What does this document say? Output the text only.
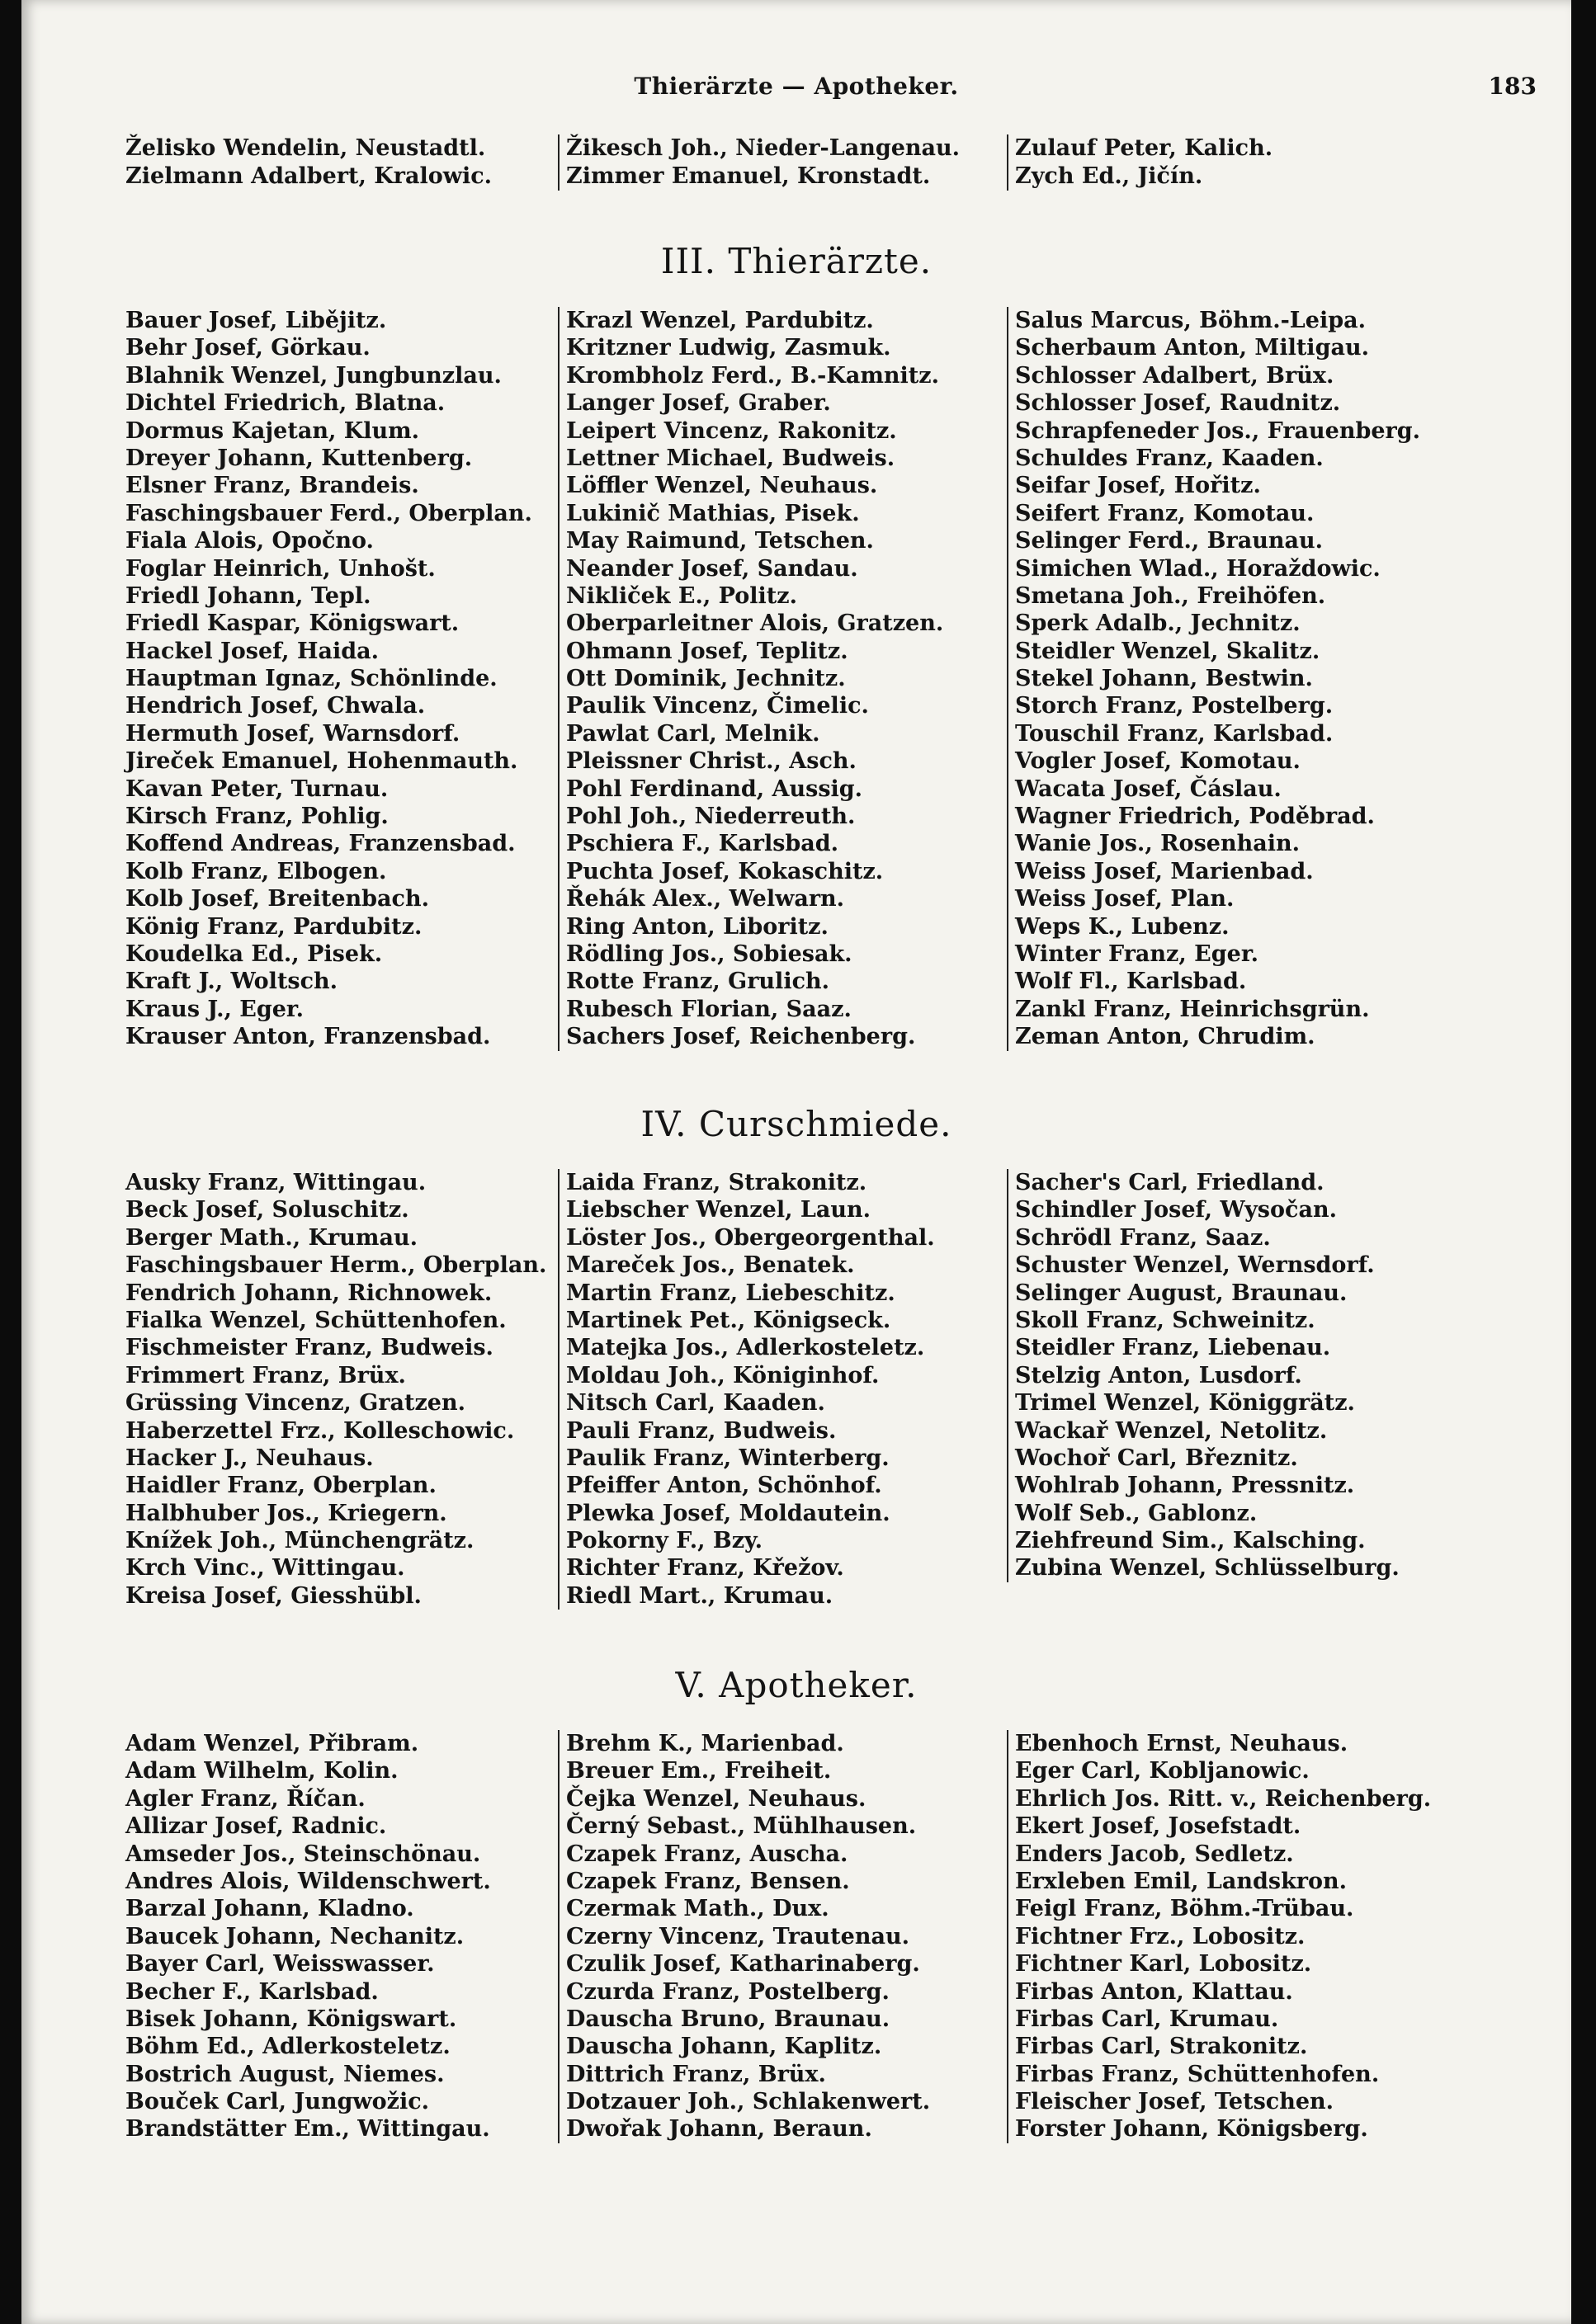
Thierärzte — Apotheker.	183
Želisko Wendelin, Neustadtl.
Zielmann Adalbert, Kralowic.
Žikesch Joh., Nieder-Langenau.
Zimmer Emanuel, Kronstadt.
Zulauf Peter, Kalich.
Zych Ed., Jičín.
III. Thierärzte.
Bauer Josef, Libějitz.
Behr Josef, Görkau.
Blahnik Wenzel, Jungbunzlau.
Dichtel Friedrich, Blatna.
Dormus Kajetan, Klum.
Dreyer Johann, Kuttenberg.
Elsner Franz, Brandeis.
Faschingsbauer Ferd., Oberplan.
Fiala Alois, Opočno.
Foglar Heinrich, Unhošt.
Friedl Johann, Tepl.
Friedl Kaspar, Königswart.
Hackel Josef, Haida.
Hauptman Ignaz, Schönlinde.
Hendrich Josef, Chwala.
Hermuth Josef, Warnsdorf.
Jireček Emanuel, Hohenmauth.
Kavan Peter, Turnau.
Kirsch Franz, Pohlig.
Koffend Andreas, Franzensbad.
Kolb Franz, Elbogen.
Kolb Josef, Breitenbach.
König Franz, Pardubitz.
Koudelka Ed., Pisek.
Kraft J., Woltsch.
Kraus J., Eger.
Krauser Anton, Franzensbad.
Krazl Wenzel, Pardubitz.
Kritzner Ludwig, Zasmuk.
Krombholz Ferd., B.-Kamnitz.
Langer Josef, Graber.
Leipert Vincenz, Rakonitz.
Lettner Michael, Budweis.
Löffler Wenzel, Neuhaus.
Lukinič Mathias, Pisek.
May Raimund, Tetschen.
Neander Josef, Sandau.
Nikliček E., Politz.
Oberparleitner Alois, Gratzen.
Ohmann Josef, Teplitz.
Ott Dominik, Jechnitz.
Paulik Vincenz, Čimelic.
Pawlat Carl, Melnik.
Pleissner Christ., Asch.
Pohl Ferdinand, Aussig.
Pohl Joh., Niederreuth.
Pschiera F., Karlsbad.
Puchta Josef, Kokaschitz.
Řehák Alex., Welwarn.
Ring Anton, Liboritz.
Rödling Jos., Sobiesak.
Rotte Franz, Grulich.
Rubesch Florian, Saaz.
Sachers Josef, Reichenberg.
Salus Marcus, Böhm.-Leipa.
Scherbaum Anton, Miltigau.
Schlosser Adalbert, Brüx.
Schlosser Josef, Raudnitz.
Schrapfeneder Jos., Frauenberg.
Schuldes Franz, Kaaden.
Seifar Josef, Hořitz.
Seifert Franz, Komotau.
Selinger Ferd., Braunau.
Simichen Wlad., Horaždowic.
Smetana Joh., Freihöfen.
Sperk Adalb., Jechnitz.
Steidler Wenzel, Skalitz.
Stekel Johann, Bestwin.
Storch Franz, Postelberg.
Touschil Franz, Karlsbad.
Vogler Josef, Komotau.
Wacata Josef, Čáslau.
Wagner Friedrich, Poděbrad.
Wanie Jos., Rosenhain.
Weiss Josef, Marienbad.
Weiss Josef, Plan.
Weps K., Lubenz.
Winter Franz, Eger.
Wolf Fl., Karlsbad.
Zankl Franz, Heinrichsgrün.
Zeman Anton, Chrudim.
IV. Curschmiede.
Ausky Franz, Wittingau.
Beck Josef, Soluschitz.
Berger Math., Krumau.
Faschingsbauer Herm., Oberplan.
Fendrich Johann, Richnowek.
Fialka Wenzel, Schüttenhofen.
Fischmeister Franz, Budweis.
Frimmert Franz, Brüx.
Grüssing Vincenz, Gratzen.
Haberzettel Frz., Kolleschowic.
Hacker J., Neuhaus.
Haidler Franz, Oberplan.
Halbhuber Jos., Kriegern.
Knížek Joh., Münchengrätz.
Krch Vinc., Wittingau.
Kreisa Josef, Giesshübl.
Laida Franz, Strakonitz.
Liebscher Wenzel, Laun.
Löster Jos., Obergeorgenthal.
Mareček Jos., Benatek.
Martin Franz, Liebeschitz.
Martinek Pet., Königseck.
Matejka Jos., Adlerkosteletz.
Moldau Joh., Königinhof.
Nitsch Carl, Kaaden.
Pauli Franz, Budweis.
Paulik Franz, Winterberg.
Pfeiffer Anton, Schönhof.
Plewka Josef, Moldautein.
Pokorny F., Bzy.
Richter Franz, Křežov.
Riedl Mart., Krumau.
Sacher's Carl, Friedland.
Schindler Josef, Wysočan.
Schrödl Franz, Saaz.
Schuster Wenzel, Wernsdorf.
Selinger August, Braunau.
Skoll Franz, Schweinitz.
Steidler Franz, Liebenau.
Stelzig Anton, Lusdorf.
Trimel Wenzel, Königgrätz.
Wackař Wenzel, Netolitz.
Wochoř Carl, Březnitz.
Wohlrab Johann, Pressnitz.
Wolf Seb., Gablonz.
Ziehfreund Sim., Kalsching.
Zubina Wenzel, Schlüsselburg.
V. Apotheker.
Adam Wenzel, Přibram.
Adam Wilhelm, Kolin.
Agler Franz, Říčan.
Allizar Josef, Radnic.
Amseder Jos., Steinschönau.
Andres Alois, Wildenschwert.
Barzal Johann, Kladno.
Baucek Johann, Nechanitz.
Bayer Carl, Weisswasser.
Becher F., Karlsbad.
Bisek Johann, Königswart.
Böhm Ed., Adlerkosteletz.
Bostrich August, Niemes.
Bouček Carl, Jungwožic.
Brandstätter Em., Wittingau.
Brehm K., Marienbad.
Breuer Em., Freiheit.
Čejka Wenzel, Neuhaus.
Černý Sebast., Mühlhausen.
Czapek Franz, Auscha.
Czapek Franz, Bensen.
Czermak Math., Dux.
Czerny Vincenz, Trautenau.
Czulik Josef, Katharinaberg.
Czurda Franz, Postelberg.
Dauscha Bruno, Braunau.
Dauscha Johann, Kaplitz.
Dittrich Franz, Brüx.
Dotzauer Joh., Schlakenwert.
Dwořak Johann, Beraun.
Ebenhoch Ernst, Neuhaus.
Eger Carl, Kobljanowic.
Ehrlich Jos. Ritt. v., Reichenberg.
Ekert Josef, Josefstadt.
Enders Jacob, Sedletz.
Erxleben Emil, Landskron.
Feigl Franz, Böhm.-Trübau.
Fichtner Frz., Lobositz.
Fichtner Karl, Lobositz.
Firbas Anton, Klattau.
Firbas Carl, Krumau.
Firbas Carl, Strakonitz.
Firbas Franz, Schüttenhofen.
Fleischer Josef, Tetschen.
Forster Johann, Königsberg.
